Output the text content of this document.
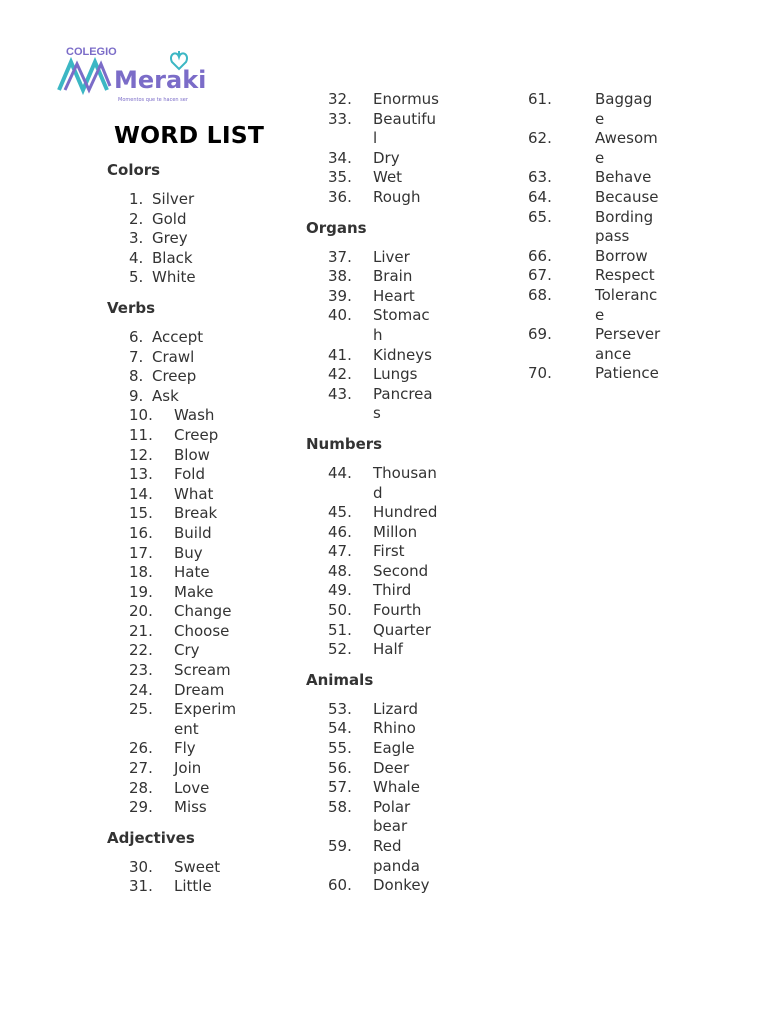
COLEGIO
Meraki
Momentos que te hacen ser
WORD LIST
Colors
1. Silver
2. Gold
3. Grey
4. Black
5. White
Verbs
6. Accept
7. Crawl
8. Creep
9. Ask
10. Wash
11. Creep
12. Blow
13. Fold
14. What
15. Break
16. Build
17. Buy
18. Hate
19. Make
20. Change
21. Choose
22. Cry
23. Scream
24. Dream
25. Experiment
26. Fly
27. Join
28. Love
29. Miss
Adjectives
30. Sweet
31. Little
32. Enormus
33. Beautiful
34. Dry
35. Wet
36. Rough
Organs
37. Liver
38. Brain
39. Heart
40. Stomach
41. Kidneys
42. Lungs
43. Pancreas
Numbers
44. Thousand
45. Hundred
46. Millon
47. First
48. Second
49. Third
50. Fourth
51. Quarter
52. Half
Animals
53. Lizard
54. Rhino
55. Eagle
56. Deer
57. Whale
58. Polar bear
59. Red panda
60. Donkey
61.	Baggage
62.	Awesome
63.	Behave
64.	Because
65.	Bording pass
66.	Borrow
67.	Respect
68.	Tolerance
69.	Perseverance
70.	Patience
